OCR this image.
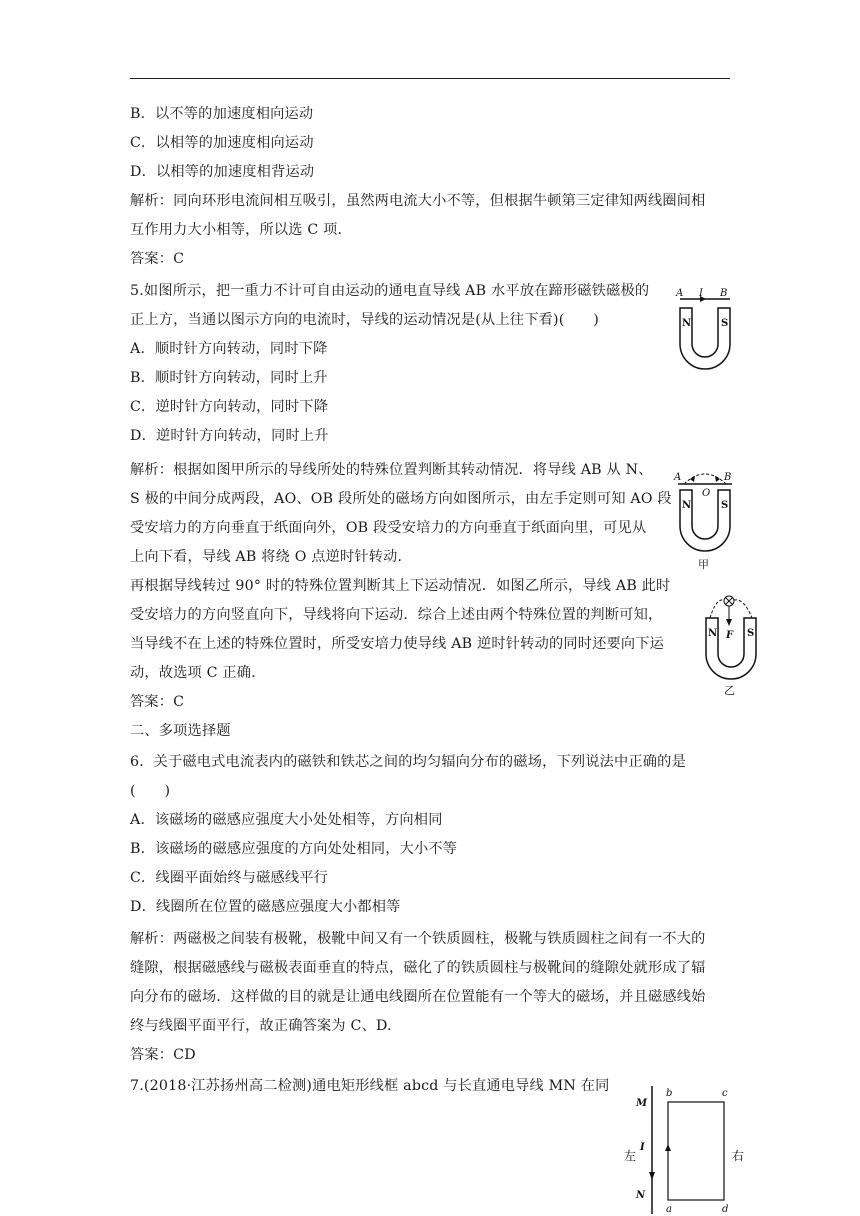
B．以不等的加速度相向运动
C．以相等的加速度相向运动
D．以相等的加速度相背运动
解析：同向环形电流间相互吸引，虽然两电流大小不等，但根据牛顿第三定律知两线圈间相
互作用力大小相等，所以选 C 项．
答案：C
5.如图所示，把一重力不计可自由运动的通电直导线 AB 水平放在蹄形磁铁磁极的
正上方，当通以图示方向的电流时，导线的运动情况是(从上往下看)(　　)
A．顺时针方向转动，同时下降
B．顺时针方向转动，同时上升
C．逆时针方向转动，同时下降
D．逆时针方向转动，同时上升
解析：根据如图甲所示的导线所处的特殊位置判断其转动情况．将导线 AB 从 N、
S 极的中间分成两段，AO、OB 段所处的磁场方向如图所示，由左手定则可知 AO 段
受安培力的方向垂直于纸面向外，OB 段受安培力的方向垂直于纸面向里，可见从
上向下看，导线 AB 将绕 O 点逆时针转动．
再根据导线转过 90° 时的特殊位置判断其上下运动情况．如图乙所示，导线 AB 此时
受安培力的方向竖直向下，导线将向下运动．综合上述由两个特殊位置的判断可知，
当导线不在上述的特殊位置时，所受安培力使导线 AB 逆时针转动的同时还要向下运
动，故选项 C 正确．
答案：C
二、多项选择题
6．关于磁电式电流表内的磁铁和铁芯之间的均匀辐向分布的磁场，下列说法中正确的是
(　　)
A．该磁场的磁感应强度大小处处相等，方向相同
B．该磁场的磁感应强度的方向处处相同，大小不等
C．线圈平面始终与磁感线平行
D．线圈所在位置的磁感应强度大小都相等
解析：两磁极之间装有极靴，极靴中间又有一个铁质圆柱，极靴与铁质圆柱之间有一不大的
缝隙，根据磁感线与磁极表面垂直的特点，磁化了的铁质圆柱与极靴间的缝隙处就形成了辐
向分布的磁场．这样做的目的就是让通电线圈所在位置能有一个等大的磁场，并且磁感线始
终与线圈平面平行，故正确答案为 C、D.
答案：CD
7.(2018·江苏扬州高二检测)通电矩形线框 abcd 与长直通电导线 MN 在同
A I B
N	S
A
O
B
N	S
甲
N F S
乙
M
N
I
b	c
a	d
左	右
